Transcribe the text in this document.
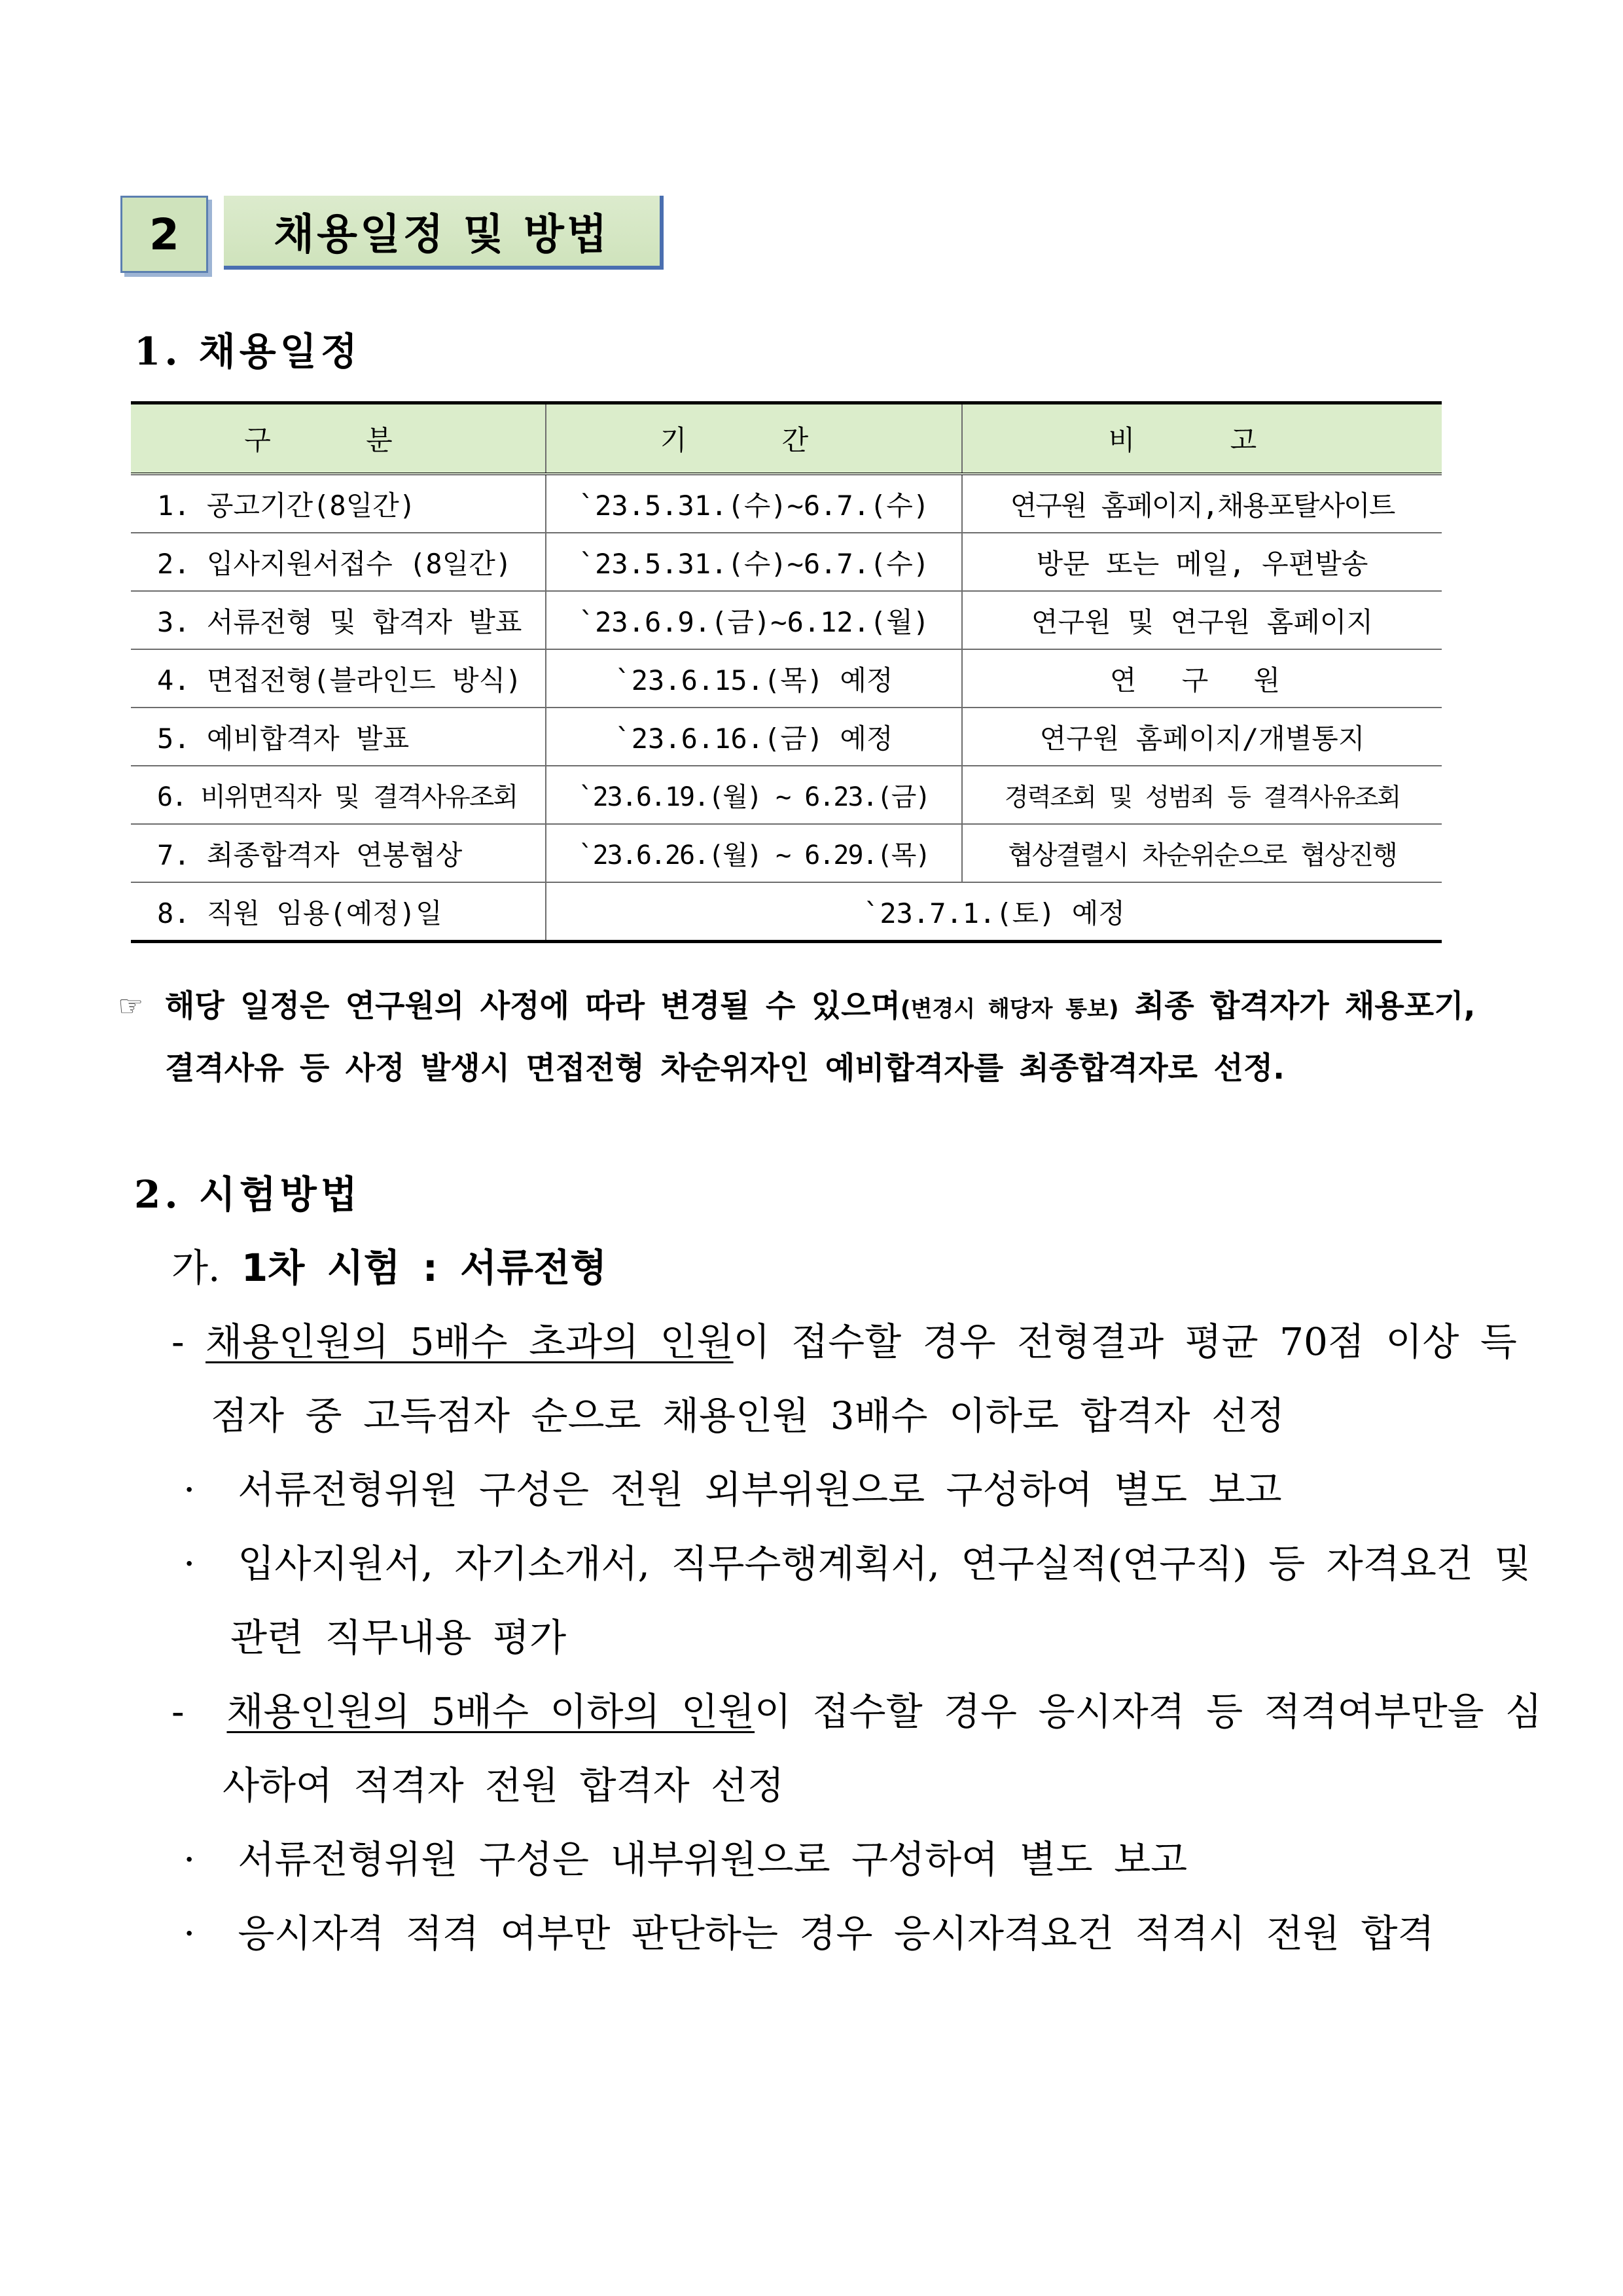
2 채용일정 및 방법
1. 채용일정
구 분	기 간	비 고
1. 공고기간(8일간)	`23.5.31.(수)~6.7.(수)	연구원 홈페이지,채용포탈사이트
2. 입사지원서접수 (8일간)	`23.5.31.(수)~6.7.(수)	방문 또는 메일, 우편발송
3. 서류전형 및 합격자 발표	`23.6.9.(금)~6.12.(월)	연구원 및 연구원 홈페이지
4. 면접전형(블라인드 방식)	`23.6.15.(목) 예정	연 구 원
5. 예비합격자 발표	`23.6.16.(금) 예정	연구원 홈페이지/개별통지
6. 비위면직자 및 결격사유조회	`23.6.19.(월) ~ 6.23.(금)	경력조회 및 성범죄 등 결격사유조회
7. 최종합격자 연봉협상	`23.6.26.(월) ~ 6.29.(목)	협상결렬시 차순위순으로 협상진행
8. 직원 임용(예정)일	`23.7.1.(토) 예정	
☞ 해당 일정은 연구원의 사정에 따라 변경될 수 있으며(변경시 해당자 통보) 최종 합격자가 채용포기,
결격사유 등 사정 발생시 면접전형 차순위자인 예비합격자를 최종합격자로 선정.
2. 시험방법
가. 1차 시험 : 서류전형
- 채용인원의 5배수 초과의 인원이 접수할 경우 전형결과 평균 70점 이상 득
점자 중 고득점자 순으로 채용인원 3배수 이하로 합격자 선정
· 서류전형위원 구성은 전원 외부위원으로 구성하여 별도 보고
· 입사지원서, 자기소개서, 직무수행계획서, 연구실적(연구직) 등 자격요건 및
관련 직무내용 평가
- 채용인원의 5배수 이하의 인원이 접수할 경우 응시자격 등 적격여부만을 심
사하여 적격자 전원 합격자 선정
· 서류전형위원 구성은 내부위원으로 구성하여 별도 보고
· 응시자격 적격 여부만 판단하는 경우 응시자격요건 적격시 전원 합격
